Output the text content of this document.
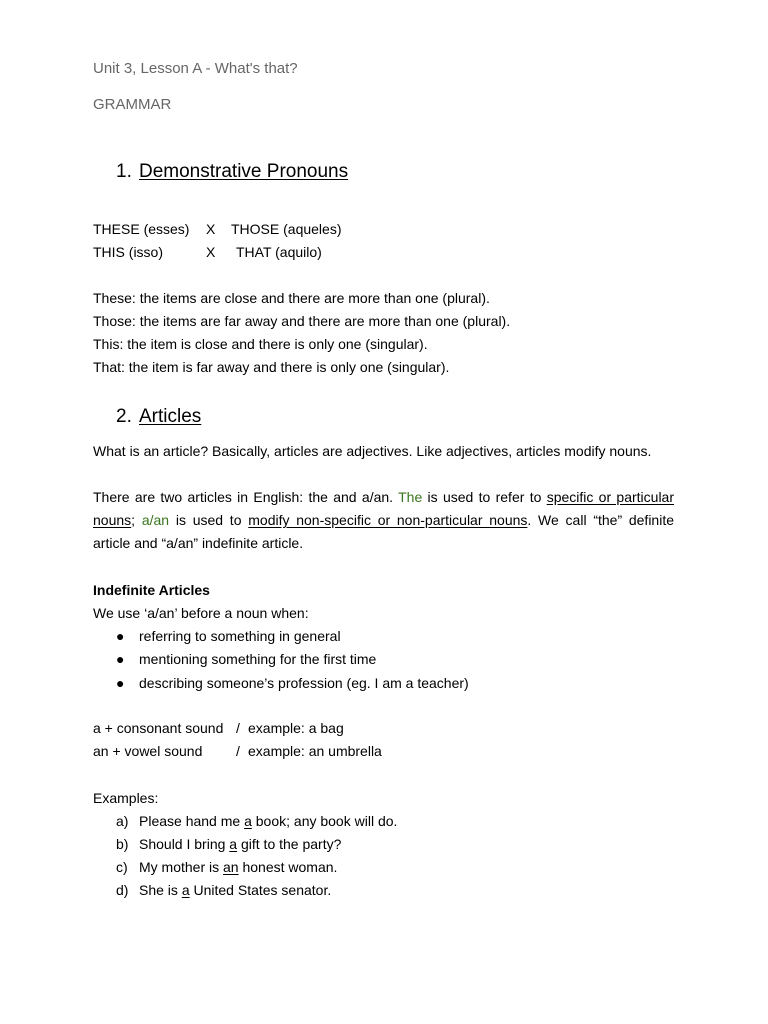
Unit 3, Lesson A - What's that?
GRAMMAR
1. Demonstrative Pronouns
THESE (esses) X THOSE (aqueles)
THIS (isso)	X THAT (aquilo)
These: the items are close and there are more than one (plural).
Those: the items are far away and there are more than one (plural).
This: the item is close and there is only one (singular).
That: the item is far away and there is only one (singular).
2. Articles
What is an article? Basically, articles are adjectives. Like adjectives, articles modify nouns.
There are two articles in English: the and a/an. The is used to refer to specific or particular nouns; a/an is used to modify non-specific or non-particular nouns. We call “the” definite article and “a/an” indefinite article.
Indefinite Articles
We use ‘a/an’ before a noun when:
● referring to something in general
● mentioning something for the first time
● describing someone’s profession (eg. I am a teacher)
a + consonant sound / example: a bag
an + vowel sound / example: an umbrella
Examples:
a) Please hand me a book; any book will do.
b) Should I bring a gift to the party?
c) My mother is an honest woman.
d) She is a United States senator.
